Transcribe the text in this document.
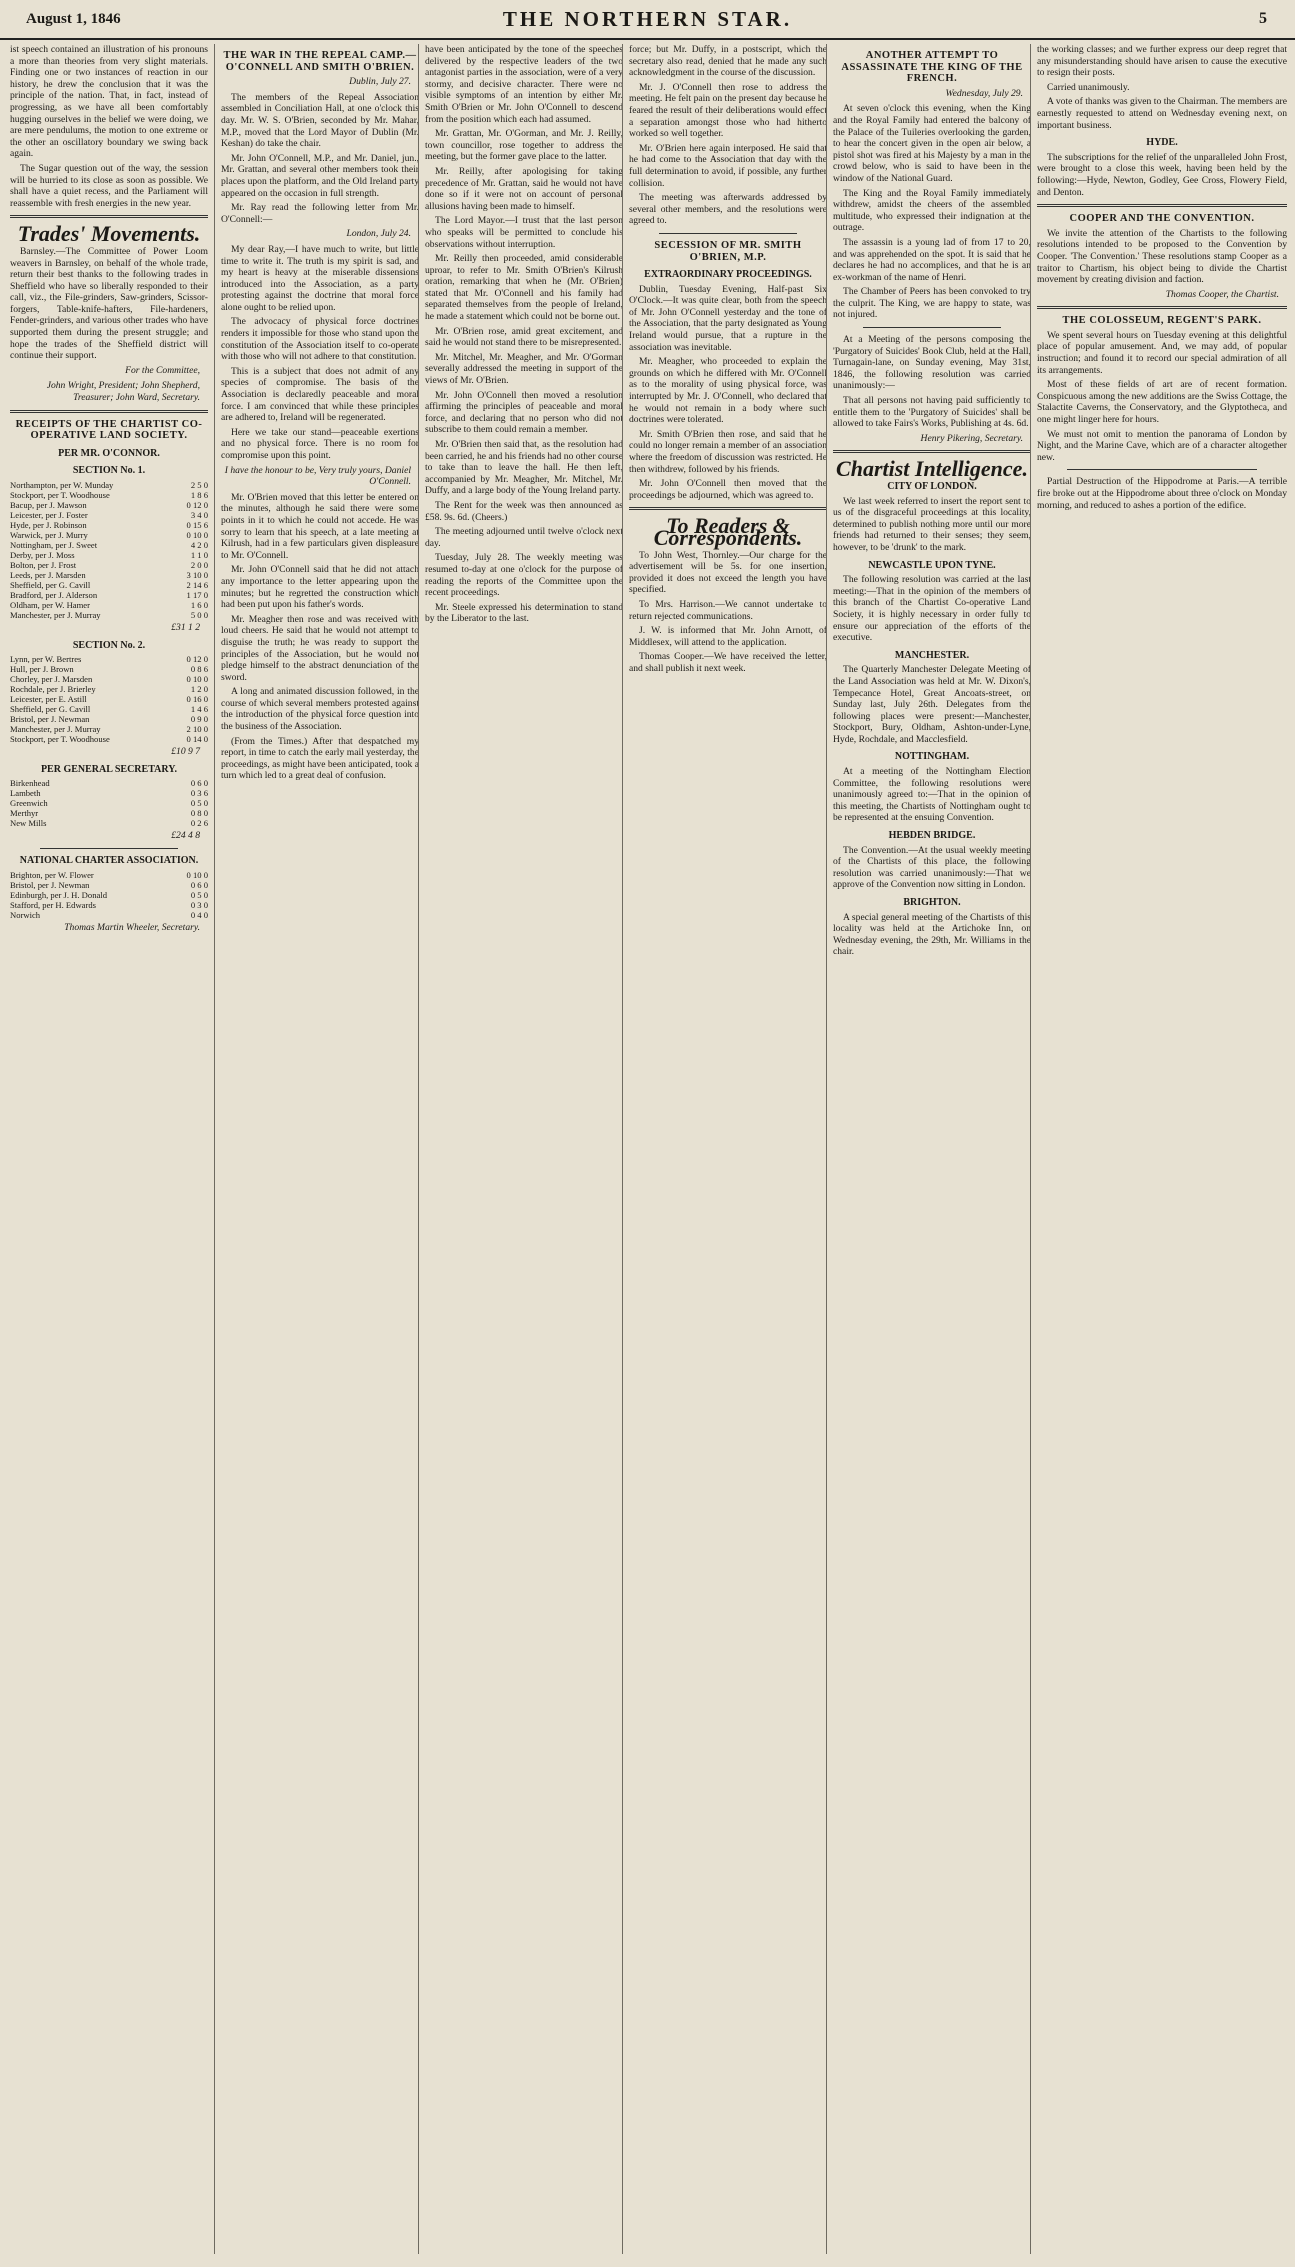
August 1, 1846	THE NORTHERN STAR.	5

ist speech contained an illustration of his pronouns a more than theories from very slight materials. Finding one or two instances of reaction in our history, he drew the conclusion that it was the principle of the nation. That, in fact, instead of progressing, as we have all been comfortably hugging ourselves in the belief we were doing, we are mere pendulums, the motion to one extreme or the other an oscillatory boundary we swing back again.

The Sugar question out of the way, the session will be hurried to its close as soon as possible. We shall have a quiet recess, and the Parliament will reassemble with fresh energies in the new year.

Trades' Movements.

Barnsley.—The Committee of Power Loom weavers in Barnsley, on behalf of the whole trade, return their best thanks to the following trades in Sheffield who have so liberally responded to their call, viz., the File-grinders, Saw-grinders, Scissor-forgers, Table-knife-hafters, File-hardeners, Fender-grinders, and various other trades who have supported them during the present struggle; and hope the trades of the Sheffield district will continue their support.

For the Committee,
John Wright, President; John Shepherd, Treasurer; John Ward, Secretary.
RECEIPTS OF THE CHARTIST CO-OPERATIVE LAND SOCIETY.
PER MR. O'CONNOR.
SECTION No. 1.
Northampton, per W. Munday	2 5 0
Stockport, per T. Woodhouse	1 8 6
Bacup, per J. Mawson	0 12 0
Leicester, per J. Foster	3 4 0
Hyde, per J. Robinson	0 15 6
Warwick, per J. Murry	0 10 0
Nottingham, per J. Sweet	4 2 0
Derby, per J. Moss	1 1 0
Bolton, per J. Frost	2 0 0
Leeds, per J. Marsden	3 10 0
Sheffield, per G. Cavill	2 14 6
Bradford, per J. Alderson	1 17 0
Oldham, per W. Hamer	1 6 0
Manchester, per J. Murray	5 0 0
£31 1 2
SECTION No. 2.
Lynn, per W. Bertres	0 12 0
Hull, per J. Brown	0 8 6
Chorley, per J. Marsden	0 10 0
Rochdale, per J. Brierley	1 2 0
Leicester, per E. Astill	0 16 0
Sheffield, per G. Cavill	1 4 6
Bristol, per J. Newman	0 9 0
Manchester, per J. Murray	2 10 0
Stockport, per T. Woodhouse	0 14 0
£10 9 7
PER GENERAL SECRETARY.
Birkenhead	0 6 0
Lambeth	0 3 6
Greenwich	0 5 0
Merthyr	0 8 0
New Mills	0 2 6
£24 4 8
NATIONAL CHARTER ASSOCIATION.
Brighton, per W. Flower	0 10 0
Bristol, per J. Newman	0 6 0
Edinburgh, per J. H. Donald	0 5 0
Stafford, per H. Edwards	0 3 0
Norwich	0 4 0
Thomas Martin Wheeler, Secretary.
THE WAR IN THE REPEAL CAMP.—O'CONNELL AND SMITH O'BRIEN.
Dublin, July 27.

The members of the Repeal Association assembled in Conciliation Hall, at one o'clock this day. Mr. W. S. O'Brien, seconded by Mr. Mahar, M.P., moved that the Lord Mayor of Dublin (Mr. Keshan) do take the chair.

Mr. John O'Connell, M.P., and Mr. Daniel, jun., Mr. Grattan, and several other members took their places upon the platform, and the Old Ireland party appeared on the occasion in full strength.

Mr. Ray read the following letter from Mr. O'Connell:—

London, July 24.

My dear Ray,—I have much to write, but little time to write it. The truth is my spirit is sad, and my heart is heavy at the miserable dissensions introduced into the Association, as a party protesting against the doctrine that moral force alone ought to be relied upon.

The advocacy of physical force doctrines renders it impossible for those who stand upon the constitution of the Association itself to co-operate with those who will not adhere to that constitution.

This is a subject that does not admit of any species of compromise. The basis of the Association is declaredly peaceable and moral force. I am convinced that while these principles are adhered to, Ireland will be regenerated.

Here we take our stand—peaceable exertions and no physical force. There is no room for compromise upon this point.

I have the honour to be, Very truly yours, Daniel O'Connell.

Mr. O'Brien moved that this letter be entered on the minutes, although he said there were some points in it to which he could not accede. He was sorry to learn that his speech, at a late meeting at Kilrush, had in a few particulars given displeasure to Mr. O'Connell.

Mr. John O'Connell said that he did not attach any importance to the letter appearing upon the minutes; but he regretted the construction which had been put upon his father's words.

Mr. Meagher then rose and was received with loud cheers. He said that he would not attempt to disguise the truth; he was ready to support the principles of the Association, but he would not pledge himself to the abstract denunciation of the sword.

A long and animated discussion followed, in the course of which several members protested against the introduction of the physical force question into the business of the Association.

(From the Times.) After that despatched my report, in time to catch the early mail yesterday, the proceedings, as might have been anticipated, took a turn which led to a great deal of confusion.

have been anticipated by the tone of the speeches delivered by the respective leaders of the two antagonist parties in the association, were of a very stormy, and decisive character. There were no visible symptoms of an intention by either Mr. Smith O'Brien or Mr. John O'Connell to descend from the position which each had assumed.

Mr. Grattan, Mr. O'Gorman, and Mr. J. Reilly, town councillor, rose together to address the meeting, but the former gave place to the latter.

Mr. Reilly, after apologising for taking precedence of Mr. Grattan, said he would not have done so if it were not on account of personal allusions having been made to himself.

The Lord Mayor.—I trust that the last person who speaks will be permitted to conclude his observations without interruption.

Mr. Reilly then proceeded, amid considerable uproar, to refer to Mr. Smith O'Brien's Kilrush oration, remarking that when he (Mr. O'Brien) stated that Mr. O'Connell and his family had separated themselves from the people of Ireland, he made a statement which could not be borne out.

Mr. O'Brien rose, amid great excitement, and said he would not stand there to be misrepresented.

Mr. Mitchel, Mr. Meagher, and Mr. O'Gorman severally addressed the meeting in support of the views of Mr. O'Brien.

Mr. John O'Connell then moved a resolution affirming the principles of peaceable and moral force, and declaring that no person who did not subscribe to them could remain a member.

Mr. O'Brien then said that, as the resolution had been carried, he and his friends had no other course to take than to leave the hall. He then left, accompanied by Mr. Meagher, Mr. Mitchel, Mr. Duffy, and a large body of the Young Ireland party.

The Rent for the week was then announced as £58. 9s. 6d. (Cheers.)

The meeting adjourned until twelve o'clock next day.

Tuesday, July 28. The weekly meeting was resumed to-day at one o'clock for the purpose of reading the reports of the Committee upon the recent proceedings.

Mr. Steele expressed his determination to stand by the Liberator to the last.

force; but Mr. Duffy, in a postscript, which the secretary also read, denied that he made any such acknowledgment in the course of the discussion.

Mr. J. O'Connell then rose to address the meeting. He felt pain on the present day because he feared the result of their deliberations would effect a separation amongst those who had hitherto worked so well together.

Mr. O'Brien here again interposed. He said that he had come to the Association that day with the full determination to avoid, if possible, any further collision.

The meeting was afterwards addressed by several other members, and the resolutions were agreed to.

SECESSION OF MR. SMITH O'BRIEN, M.P.
EXTRAORDINARY PROCEEDINGS.

Dublin, Tuesday Evening, Half-past Six O'Clock.—It was quite clear, both from the speech of Mr. John O'Connell yesterday and the tone of the Association, that the party designated as Young Ireland would pursue, that a rupture in the association was inevitable.

Mr. Meagher, who proceeded to explain the grounds on which he differed with Mr. O'Connell as to the morality of using physical force, was interrupted by Mr. J. O'Connell, who declared that he would not remain in a body where such doctrines were tolerated.

Mr. Smith O'Brien then rose, and said that he could no longer remain a member of an association where the freedom of discussion was restricted. He then withdrew, followed by his friends.

Mr. John O'Connell then moved that the proceedings be adjourned, which was agreed to.

To Readers & Correspondents.

To John West, Thornley.—Our charge for the advertisement will be 5s. for one insertion, provided it does not exceed the length you have specified.

To Mrs. Harrison.—We cannot undertake to return rejected communications.

J. W. is informed that Mr. John Arnott, of Middlesex, will attend to the application.

Thomas Cooper.—We have received the letter, and shall publish it next week.

ANOTHER ATTEMPT TO ASSASSINATE THE KING OF THE FRENCH.
Wednesday, July 29.

At seven o'clock this evening, when the King and the Royal Family had entered the balcony of the Palace of the Tuileries overlooking the garden, to hear the concert given in the open air below, a pistol shot was fired at his Majesty by a man in the crowd below, who is said to have been in the window of the National Guard.

The King and the Royal Family immediately withdrew, amidst the cheers of the assembled multitude, who expressed their indignation at the outrage.

The assassin is a young lad of from 17 to 20, and was apprehended on the spot. It is said that he declares he had no accomplices, and that he is an ex-workman of the name of Henri.

The Chamber of Peers has been convoked to try the culprit. The King, we are happy to state, was not injured.

At a Meeting of the persons composing the 'Purgatory of Suicides' Book Club, held at the Hall, Turnagain-lane, on Sunday evening, May 31st, 1846, the following resolution was carried unanimously:—

That all persons not having paid sufficiently to entitle them to the 'Purgatory of Suicides' shall be allowed to take Fairs's Works, Publishing at 4s. 6d.

Henry Pikering, Secretary.
Chartist Intelligence.
CITY OF LONDON.

We last week referred to insert the report sent to us of the disgraceful proceedings at this locality, determined to publish nothing more until our more friends had returned to their senses; they seem, however, to be 'drunk' to the mark.

NEWCASTLE UPON TYNE.

The following resolution was carried at the last meeting:—That in the opinion of the members of this branch of the Chartist Co-operative Land Society, it is highly necessary in order fully to ensure our appreciation of the efforts of the executive.

MANCHESTER.

The Quarterly Manchester Delegate Meeting of the Land Association was held at Mr. W. Dixon's, Tempecance Hotel, Great Ancoats-street, on Sunday last, July 26th. Delegates from the following places were present:—Manchester, Stockport, Bury, Oldham, Ashton-under-Lyne, Hyde, Rochdale, and Macclesfield.

NOTTINGHAM.

At a meeting of the Nottingham Election Committee, the following resolutions were unanimously agreed to:—That in the opinion of this meeting, the Chartists of Nottingham ought to be represented at the ensuing Convention.

HEBDEN BRIDGE.

The Convention.—At the usual weekly meeting of the Chartists of this place, the following resolution was carried unanimously:—That we approve of the Convention now sitting in London.

BRIGHTON.

A special general meeting of the Chartists of this locality was held at the Artichoke Inn, on Wednesday evening, the 29th, Mr. Williams in the chair.

the working classes; and we further express our deep regret that any misunderstanding should have arisen to cause the executive to resign their posts.

Carried unanimously.

A vote of thanks was given to the Chairman. The members are earnestly requested to attend on Wednesday evening next, on important business.

HYDE.

The subscriptions for the relief of the unparalleled John Frost, were brought to a close this week, having been held by the following:—Hyde, Newton, Godley, Gee Cross, Flowery Field, and Denton.

COOPER AND THE CONVENTION.

We invite the attention of the Chartists to the following resolutions intended to be proposed to the Convention by Cooper. 'The Convention.' These resolutions stamp Cooper as a traitor to Chartism, his object being to divide the Chartist movement by creating division and faction.

Thomas Cooper, the Chartist.
THE COLOSSEUM, REGENT'S PARK.

We spent several hours on Tuesday evening at this delightful place of popular amusement. And, we may add, of popular instruction; and found it to record our special admiration of all its arrangements.

Most of these fields of art are of recent formation. Conspicuous among the new additions are the Swiss Cottage, the Stalactite Caverns, the Conservatory, and the Glyptotheca, and one might linger here for hours.

We must not omit to mention the panorama of London by Night, and the Marine Cave, which are of a character altogether new.

Partial Destruction of the Hippodrome at Paris.—A terrible fire broke out at the Hippodrome about three o'clock on Monday morning, and reduced to ashes a portion of the edifice.
